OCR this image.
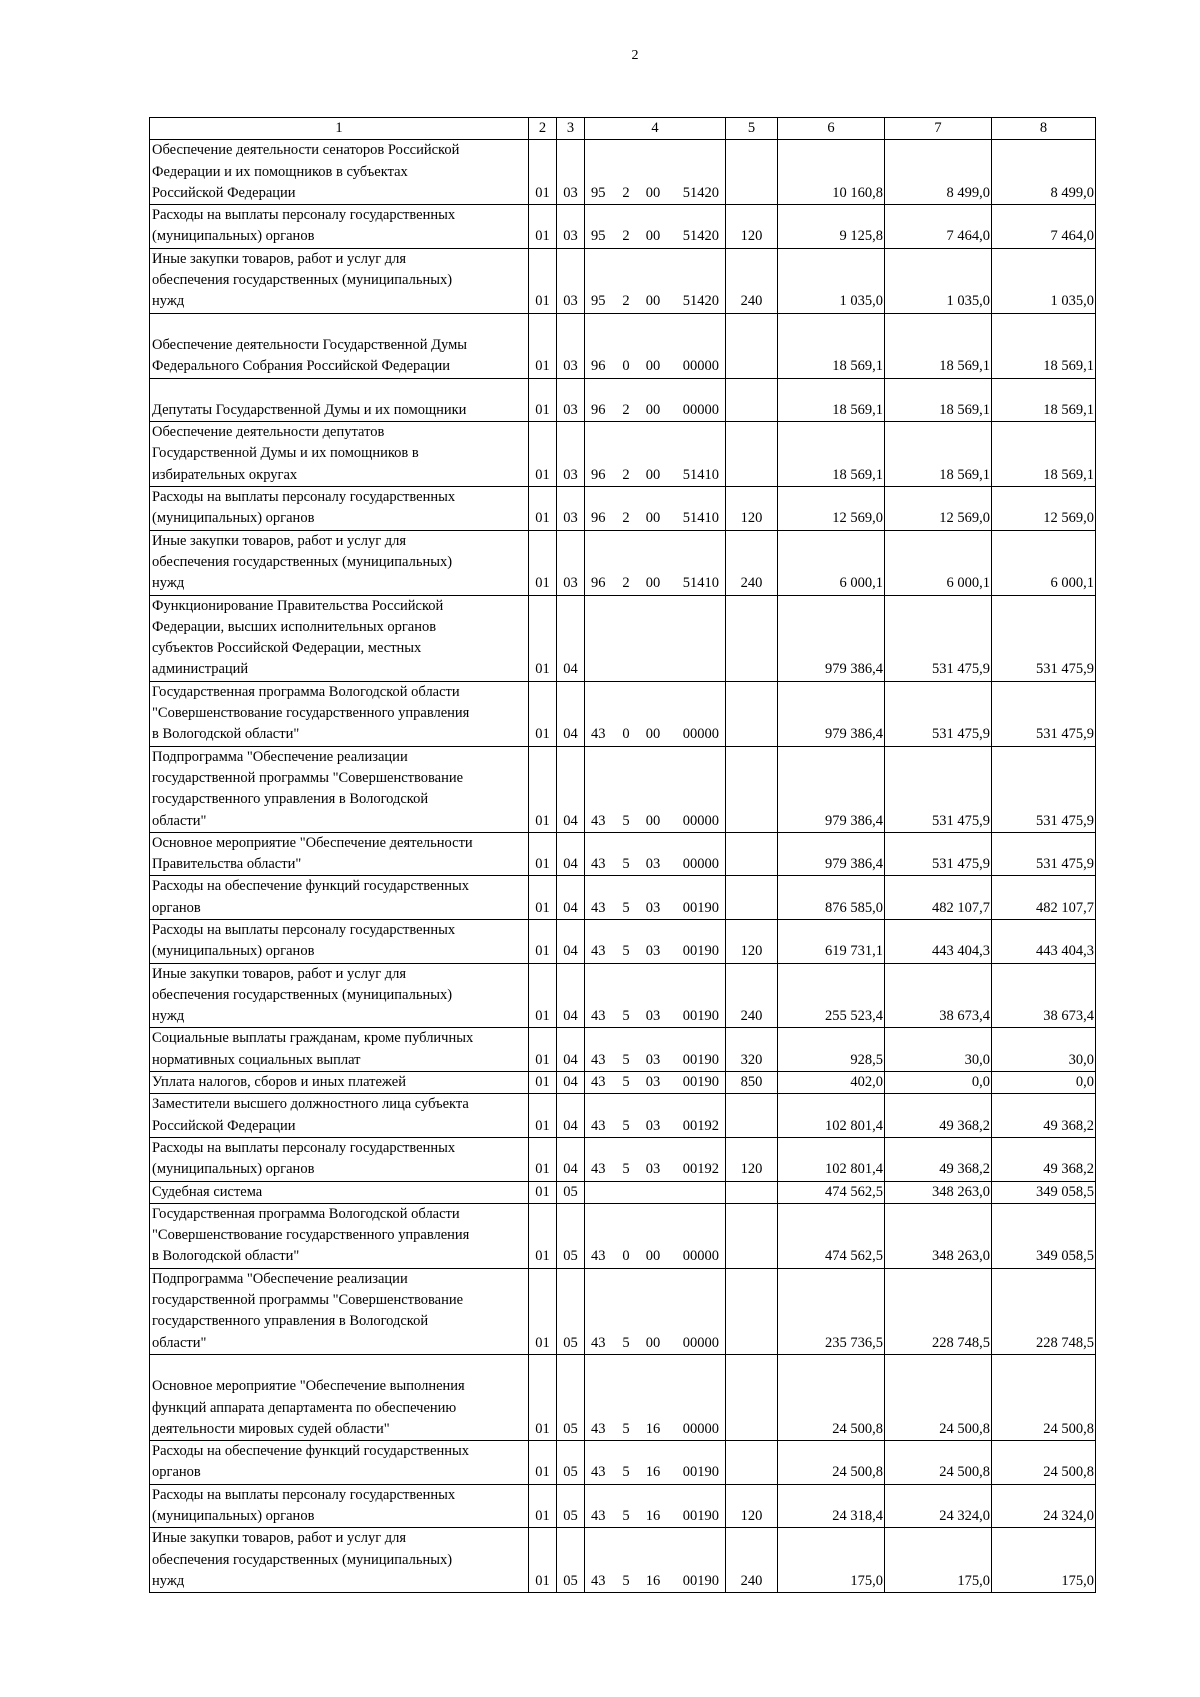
2
1	2	3	4	5	6	7	8
Обеспечение деятельности сенаторов Российской
Федерации и их помощников в субъектах
Российской Федерации	01	03	95 2 00 51420		10 160,8	8 499,0	8 499,0
Расходы на выплаты персоналу государственных
(муниципальных) органов	01	03	95 2 00 51420	120	9 125,8	7 464,0	7 464,0
Иные закупки товаров, работ и услуг для
обеспечения государственных (муниципальных)
нужд	01	03	95 2 00 51420	240	1 035,0	1 035,0	1 035,0

Обеспечение деятельности Государственной Думы
Федерального Собрания Российской Федерации	01	03	96 0 00 00000		18 569,1	18 569,1	18 569,1

Депутаты Государственной Думы и их помощники	01	03	96 2 00 00000		18 569,1	18 569,1	18 569,1
Обеспечение деятельности депутатов
Государственной Думы и их помощников в
избирательных округах	01	03	96 2 00 51410		18 569,1	18 569,1	18 569,1
Расходы на выплаты персоналу государственных
(муниципальных) органов	01	03	96 2 00 51410	120	12 569,0	12 569,0	12 569,0
Иные закупки товаров, работ и услуг для
обеспечения государственных (муниципальных)
нужд	01	03	96 2 00 51410	240	6 000,1	6 000,1	6 000,1
Функционирование Правительства Российской
Федерации, высших исполнительных органов
субъектов Российской Федерации, местных
администраций	01	04			979 386,4	531 475,9	531 475,9
Государственная программа Вологодской области
"Совершенствование государственного управления
в Вологодской области"	01	04	43 0 00 00000		979 386,4	531 475,9	531 475,9
Подпрограмма "Обеспечение реализации
государственной программы "Совершенствование
государственного управления в Вологодской
области"	01	04	43 5 00 00000		979 386,4	531 475,9	531 475,9
Основное мероприятие "Обеспечение деятельности
Правительства области"	01	04	43 5 03 00000		979 386,4	531 475,9	531 475,9
Расходы на обеспечение функций государственных
органов	01	04	43 5 03 00190		876 585,0	482 107,7	482 107,7
Расходы на выплаты персоналу государственных
(муниципальных) органов	01	04	43 5 03 00190	120	619 731,1	443 404,3	443 404,3
Иные закупки товаров, работ и услуг для
обеспечения государственных (муниципальных)
нужд	01	04	43 5 03 00190	240	255 523,4	38 673,4	38 673,4
Социальные выплаты гражданам, кроме публичных
нормативных социальных выплат	01	04	43 5 03 00190	320	928,5	30,0	30,0
Уплата налогов, сборов и иных платежей	01	04	43 5 03 00190	850	402,0	0,0	0,0
Заместители высшего должностного лица субъекта
Российской Федерации	01	04	43 5 03 00192		102 801,4	49 368,2	49 368,2
Расходы на выплаты персоналу государственных
(муниципальных) органов	01	04	43 5 03 00192	120	102 801,4	49 368,2	49 368,2
Судебная система	01	05			474 562,5	348 263,0	349 058,5
Государственная программа Вологодской области
"Совершенствование государственного управления
в Вологодской области"	01	05	43 0 00 00000		474 562,5	348 263,0	349 058,5
Подпрограмма "Обеспечение реализации
государственной программы "Совершенствование
государственного управления в Вологодской
области"	01	05	43 5 00 00000		235 736,5	228 748,5	228 748,5

Основное мероприятие "Обеспечение выполнения
функций аппарата департамента по обеспечению
деятельности мировых судей области"	01	05	43 5 16 00000		24 500,8	24 500,8	24 500,8
Расходы на обеспечение функций государственных
органов	01	05	43 5 16 00190		24 500,8	24 500,8	24 500,8
Расходы на выплаты персоналу государственных
(муниципальных) органов	01	05	43 5 16 00190	120	24 318,4	24 324,0	24 324,0
Иные закупки товаров, работ и услуг для
обеспечения государственных (муниципальных)
нужд	01	05	43 5 16 00190	240	175,0	175,0	175,0
